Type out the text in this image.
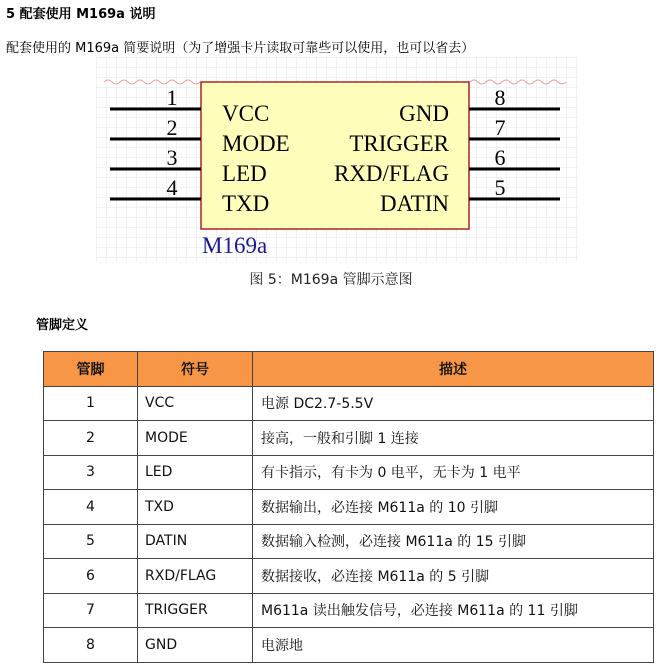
5 配套使用 M169a 说明
配套使用的 M169a 简要说明（为了增强卡片读取可靠些可以使用，也可以省去）
1
VCC
2
MODE
3
LED
4
TXD
8
GND
7
TRIGGER
6
RXD/FLAG
5
DATIN
M169a
图 5：M169a 管脚示意图
管脚定义
管脚	符号	描述
1	VCC	电源 DC2.7-5.5V
2	MODE	接高，一般和引脚 1 连接
3	LED	有卡指示，有卡为 0 电平，无卡为 1 电平
4	TXD	数据输出，必连接 M611a 的 10 引脚
5	DATIN	数据输入检测，必连接 M611a 的 15 引脚
6	RXD/FLAG	数据接收，必连接 M611a 的 5 引脚
7	TRIGGER	M611a 读出触发信号，必连接 M611a 的 11 引脚
8	GND	电源地
